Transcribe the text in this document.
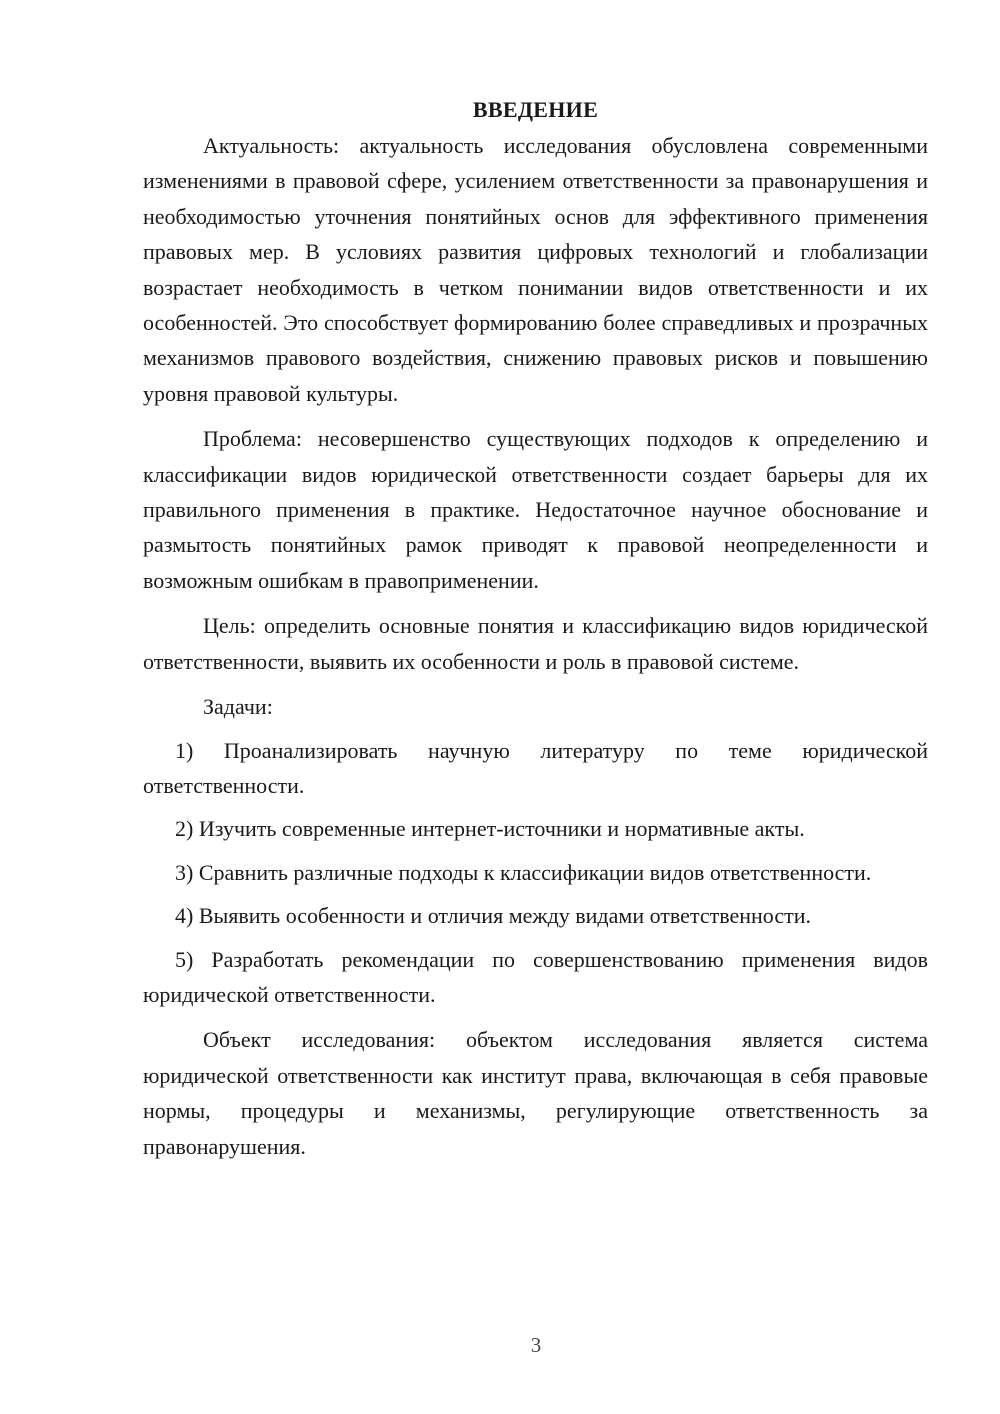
ВВЕДЕНИЕ

Актуальность: актуальность исследования обусловлена современными изменениями в правовой сфере, усилением ответственности за правонарушения и необходимостью уточнения понятийных основ для эффективного применения правовых мер. В условиях развития цифровых технологий и глобализации возрастает необходимость в четком понимании видов ответственности и их особенностей. Это способствует формированию более справедливых и прозрачных механизмов правового воздействия, снижению правовых рисков и повышению уровня правовой культуры.

Проблема: несовершенство существующих подходов к определению и классификации видов юридической ответственности создает барьеры для их правильного применения в практике. Недостаточное научное обоснование и размытость понятийных рамок приводят к правовой неопределенности и возможным ошибкам в правоприменении.

Цель: определить основные понятия и классификацию видов юридической ответственности, выявить их особенности и роль в правовой системе.

Задачи:

1) Проанализировать научную литературу по теме юридической ответственности.

2) Изучить современные интернет-источники и нормативные акты.

3) Сравнить различные подходы к классификации видов ответственности.

4) Выявить особенности и отличия между видами ответственности.

5) Разработать рекомендации по совершенствованию применения видов юридической ответственности.

Объект исследования: объектом исследования является система юридической ответственности как институт права, включающая в себя правовые нормы, процедуры и механизмы, регулирующие ответственность за правонарушения.

3
